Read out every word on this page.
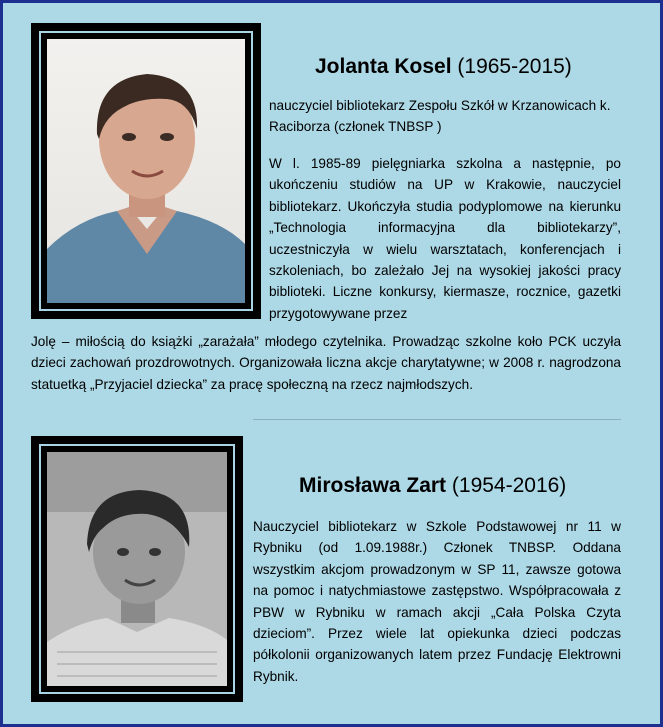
Jolanta Kosel (1965-2015)

nauczyciel bibliotekarz Zespołu Szkół w Krzanowicach k. Raciborza (członek TNBSP )

W l. 1985-89 pielęgniarka szkolna a następnie, po ukończeniu studiów na UP w Krakowie, nauczyciel bibliotekarz. Ukończyła studia podyplomowe na kierunku „Technologia informacyjna dla bibliotekarzy”, uczestniczyła w wielu warsztatach, konferencjach i szkoleniach, bo zależało Jej na wysokiej jakości pracy biblioteki. Liczne konkursy, kiermasze, rocznice, gazetki przygotowywane przez

Jolę – miłością do książki „zarażała” młodego czytelnika. Prowadząc szkolne koło PCK uczyła dzieci zachowań prozdrowotnych. Organizowała liczna akcje charytatywne; w 2008 r. nagrodzona statuetką „Przyjaciel dziecka” za pracę społeczną na rzecz najmłodszych.

Mirosława Zart (1954-2016)

Nauczyciel bibliotekarz w Szkole Podstawowej nr 11 w Rybniku (od 1.09.1988r.) Członek TNBSP. Oddana wszystkim akcjom prowadzonym w SP 11, zawsze gotowa na pomoc i natychmiastowe zastępstwo. Współpracowała z PBW w Rybniku w ramach akcji „Cała Polska Czyta dzieciom”. Przez wiele lat opiekunka dzieci podczas półkolonii organizowanych latem przez Fundację Elektrowni Rybnik.
